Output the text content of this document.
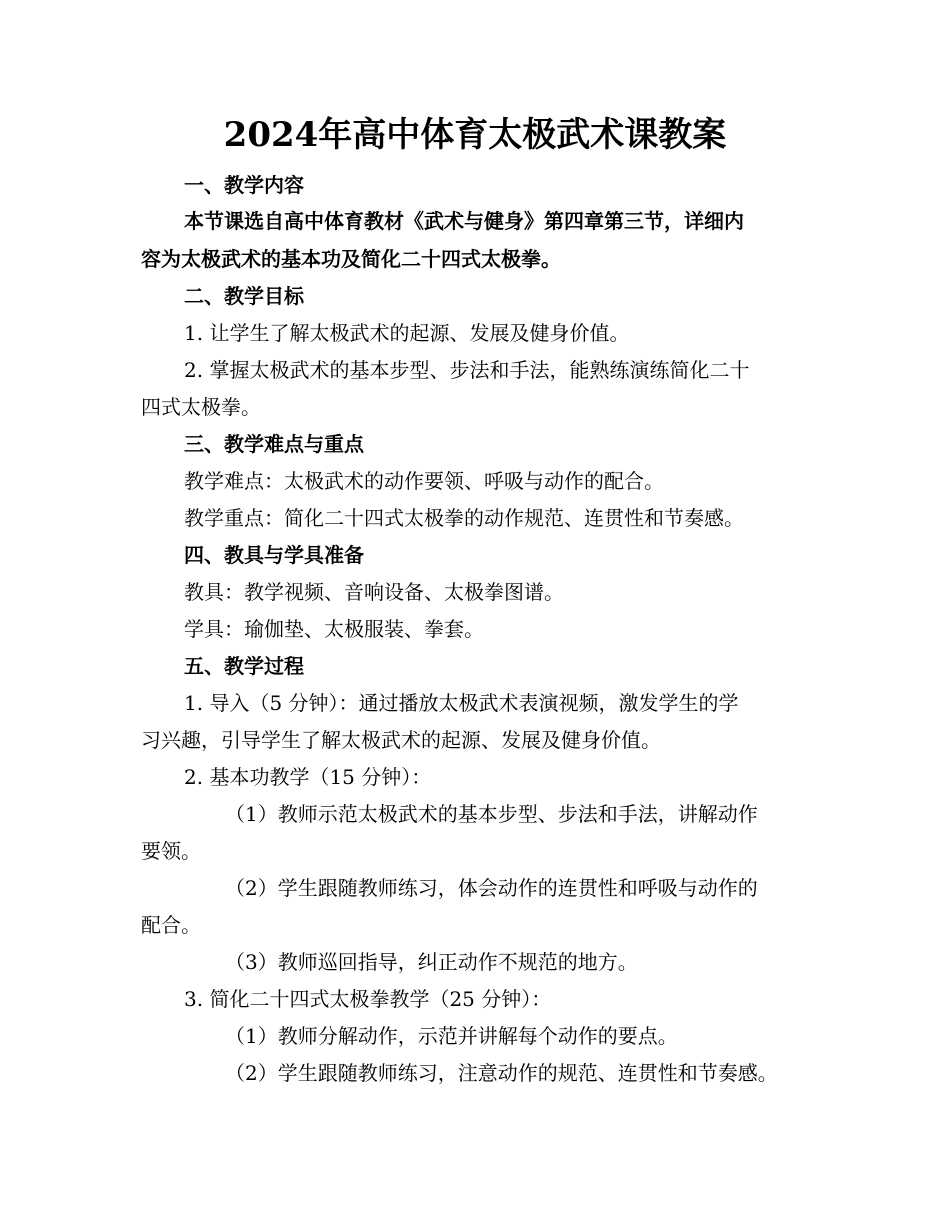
2024年高中体育太极武术课教案
一、教学内容
本节课选自高中体育教材《武术与健身》第四章第三节，详细内
容为太极武术的基本功及简化二十四式太极拳。
二、教学目标
1. 让学生了解太极武术的起源、发展及健身价值。
2. 掌握太极武术的基本步型、步法和手法，能熟练演练简化二十
四式太极拳。
三、教学难点与重点
教学难点：太极武术的动作要领、呼吸与动作的配合。
教学重点：简化二十四式太极拳的动作规范、连贯性和节奏感。
四、教具与学具准备
教具：教学视频、音响设备、太极拳图谱。
学具：瑜伽垫、太极服装、拳套。
五、教学过程
1. 导入（5 分钟）：通过播放太极武术表演视频，激发学生的学
习兴趣，引导学生了解太极武术的起源、发展及健身价值。
2. 基本功教学（15 分钟）：
（1）教师示范太极武术的基本步型、步法和手法，讲解动作
要领。
（2）学生跟随教师练习，体会动作的连贯性和呼吸与动作的
配合。
（3）教师巡回指导，纠正动作不规范的地方。
3. 简化二十四式太极拳教学（25 分钟）：
（1）教师分解动作，示范并讲解每个动作的要点。
（2）学生跟随教师练习，注意动作的规范、连贯性和节奏感。
